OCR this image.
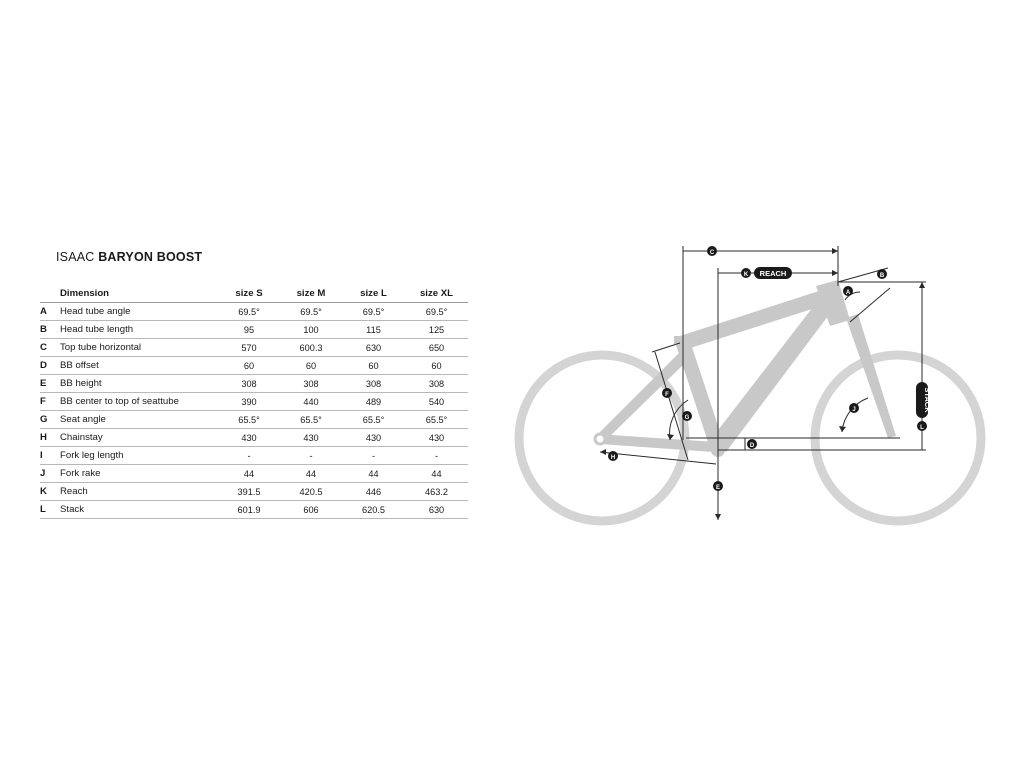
ISAAC BARYON BOOST
	Dimension	size S	size M	size L	size XL
A	Head tube angle	69.5°	69.5°	69.5°	69.5°
B	Head tube length	95	100	115	125
C	Top tube horizontal	570	600.3	630	650
D	BB offset	60	60	60	60
E	BB height	308	308	308	308
F	BB center to top of seattube	390	440	489	540
G	Seat angle	65.5°	65.5°	65.5°	65.5°
H	Chainstay	430	430	430	430
I	Fork leg length	-	-	-	-
J	Fork rake	44	44	44	44
K	Reach	391.5	420.5	446	463.2
L	Stack	601.9	606	620.5	630
C
K REACH
STACK
L
B
A
F
G
J
D
H
E
